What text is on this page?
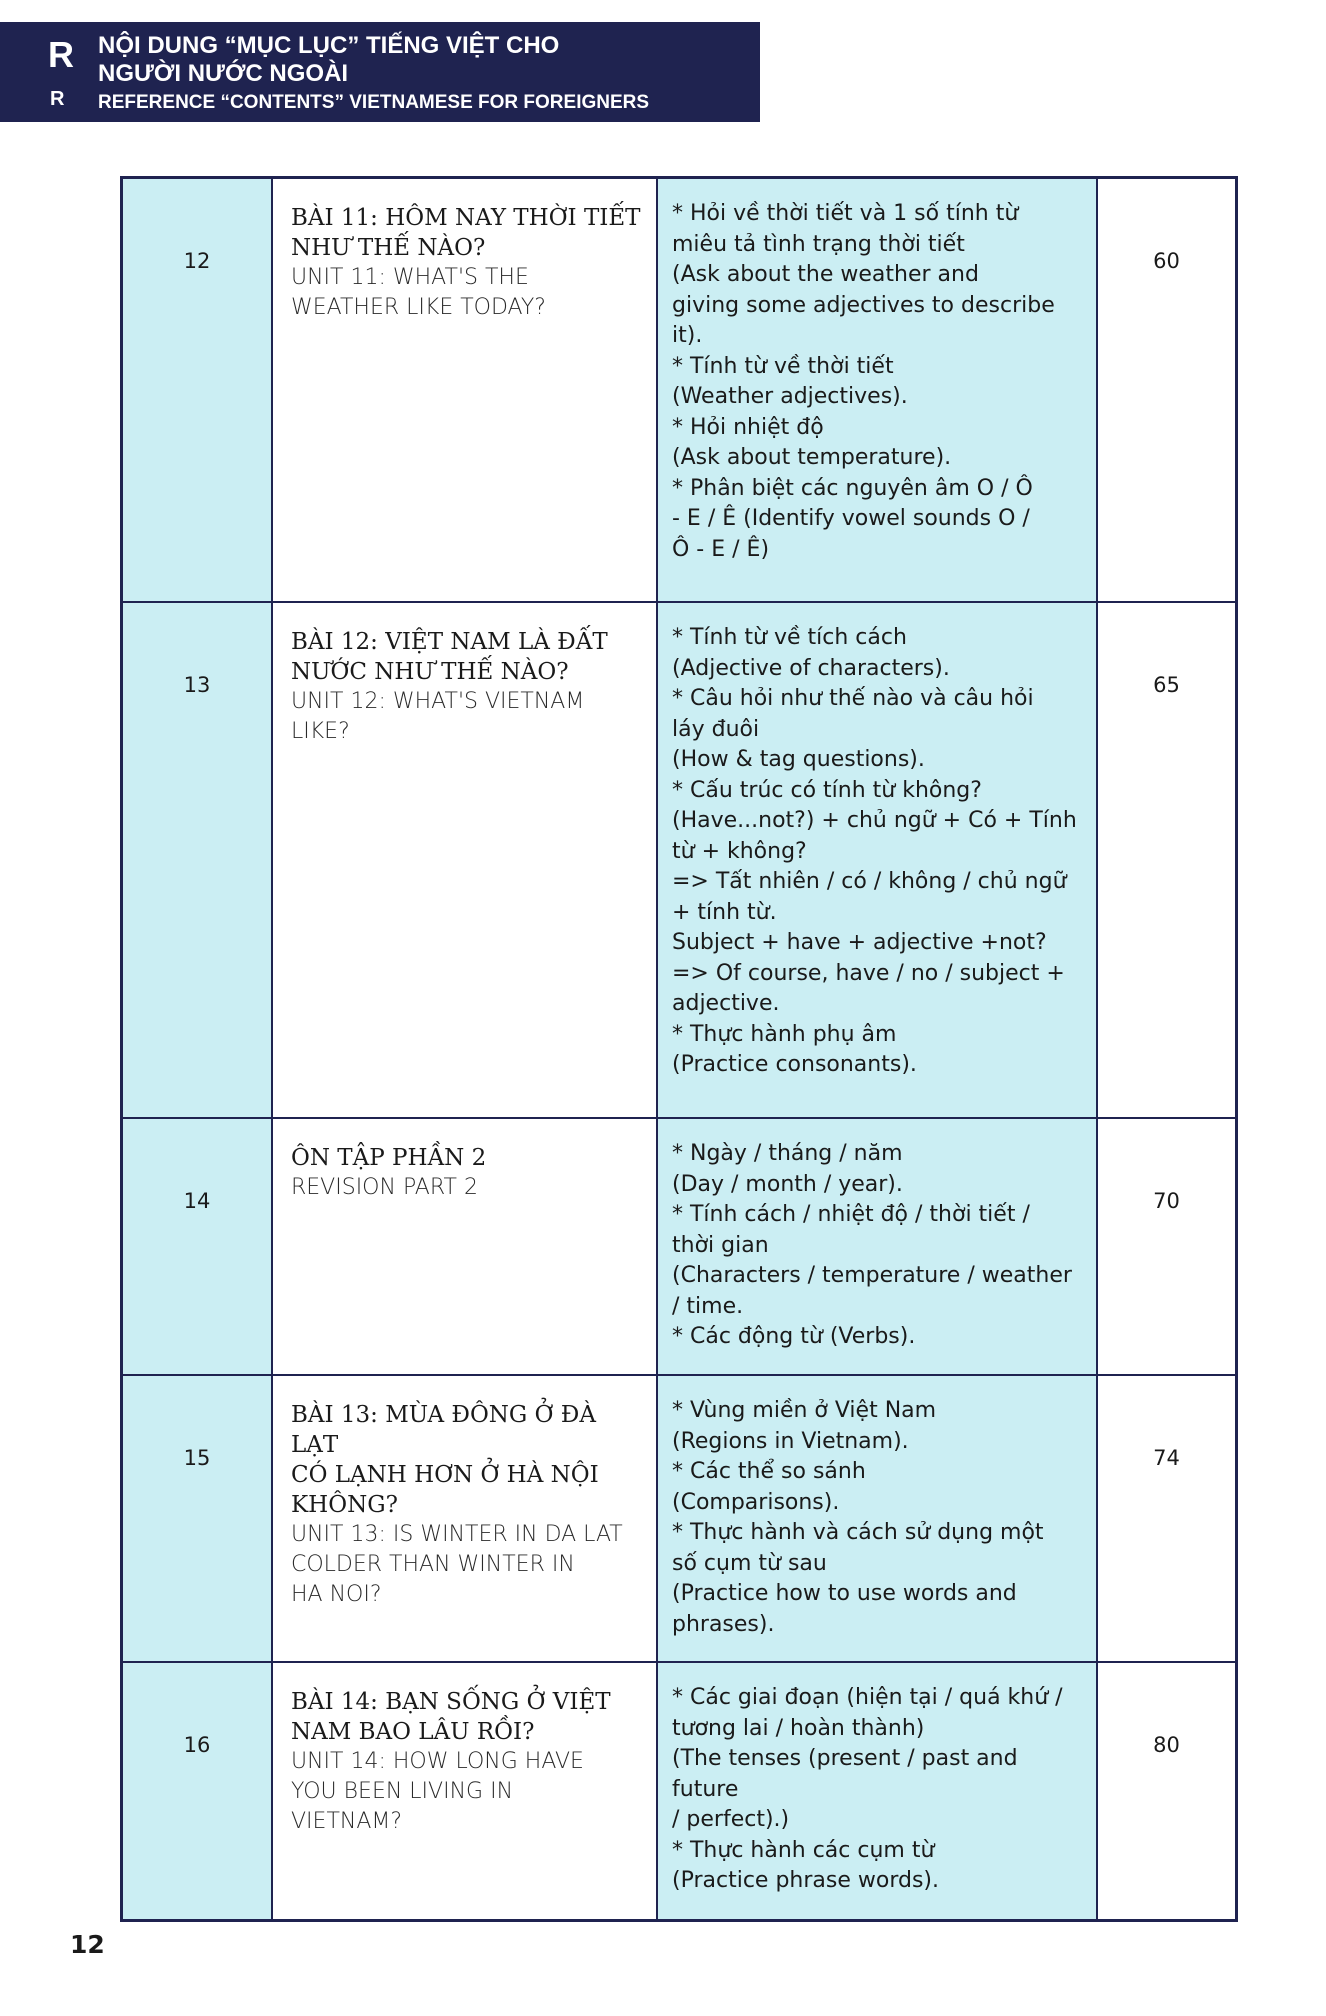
R
R
NỘI DUNG “MỤC LỤC” TIẾNG VIỆT CHO
NGƯỜI NƯỚC NGOÀI
REFERENCE “CONTENTS” VIETNAMESE FOR FOREIGNERS
12
BÀI 11: HÔM NAY THỜI TIẾT
NHƯ THẾ NÀO?
UNIT 11: WHAT'S THE
WEATHER LIKE TODAY?
* Hỏi về thời tiết và 1 số tính từ
miêu tả tình trạng thời tiết
(Ask about the weather and
giving some adjectives to describe it).
* Tính từ về thời tiết
(Weather adjectives).
* Hỏi nhiệt độ
(Ask about temperature).
* Phân biệt các nguyên âm O / Ô
- E / Ê (Identify vowel sounds O /
Ô - E / Ê)
60
13
BÀI 12: VIỆT NAM LÀ ĐẤT
NƯỚC NHƯ THẾ NÀO?
UNIT 12: WHAT'S VIETNAM
LIKE?
* Tính từ về tích cách
(Adjective of characters).
* Câu hỏi như thế nào và câu hỏi
láy đuôi
(How & tag questions).
* Cấu trúc có tính từ không?
(Have...not?) + chủ ngữ + Có + Tính
từ + không?
=> Tất nhiên / có / không / chủ ngữ
+ tính từ.
Subject + have + adjective +not?
=> Of course, have / no / subject +
adjective.
* Thực hành phụ âm
(Practice consonants).
65
14
ÔN TẬP PHẦN 2
REVISION PART 2
* Ngày / tháng / năm
(Day / month / year).
* Tính cách / nhiệt độ / thời tiết /
thời gian
(Characters / temperature / weather
/ time.
* Các động từ (Verbs).
70
15
BÀI 13: MÙA ĐÔNG Ở ĐÀ LẠT
CÓ LẠNH HƠN Ở HÀ NỘI
KHÔNG?
UNIT 13: IS WINTER IN DA LAT
COLDER THAN WINTER IN
HA NOI?
* Vùng miền ở Việt Nam
(Regions in Vietnam).
* Các thể so sánh
(Comparisons).
* Thực hành và cách sử dụng một
số cụm từ sau
(Practice how to use words and
phrases).
74
16
BÀI 14: BẠN SỐNG Ở VIỆT
NAM BAO LÂU RỒI?
UNIT 14: HOW LONG HAVE
YOU BEEN LIVING IN
VIETNAM?
* Các giai đoạn (hiện tại / quá khứ /
tương lai / hoàn thành)
(The tenses (present / past and future
/ perfect).)
* Thực hành các cụm từ
(Practice phrase words).
80
12
